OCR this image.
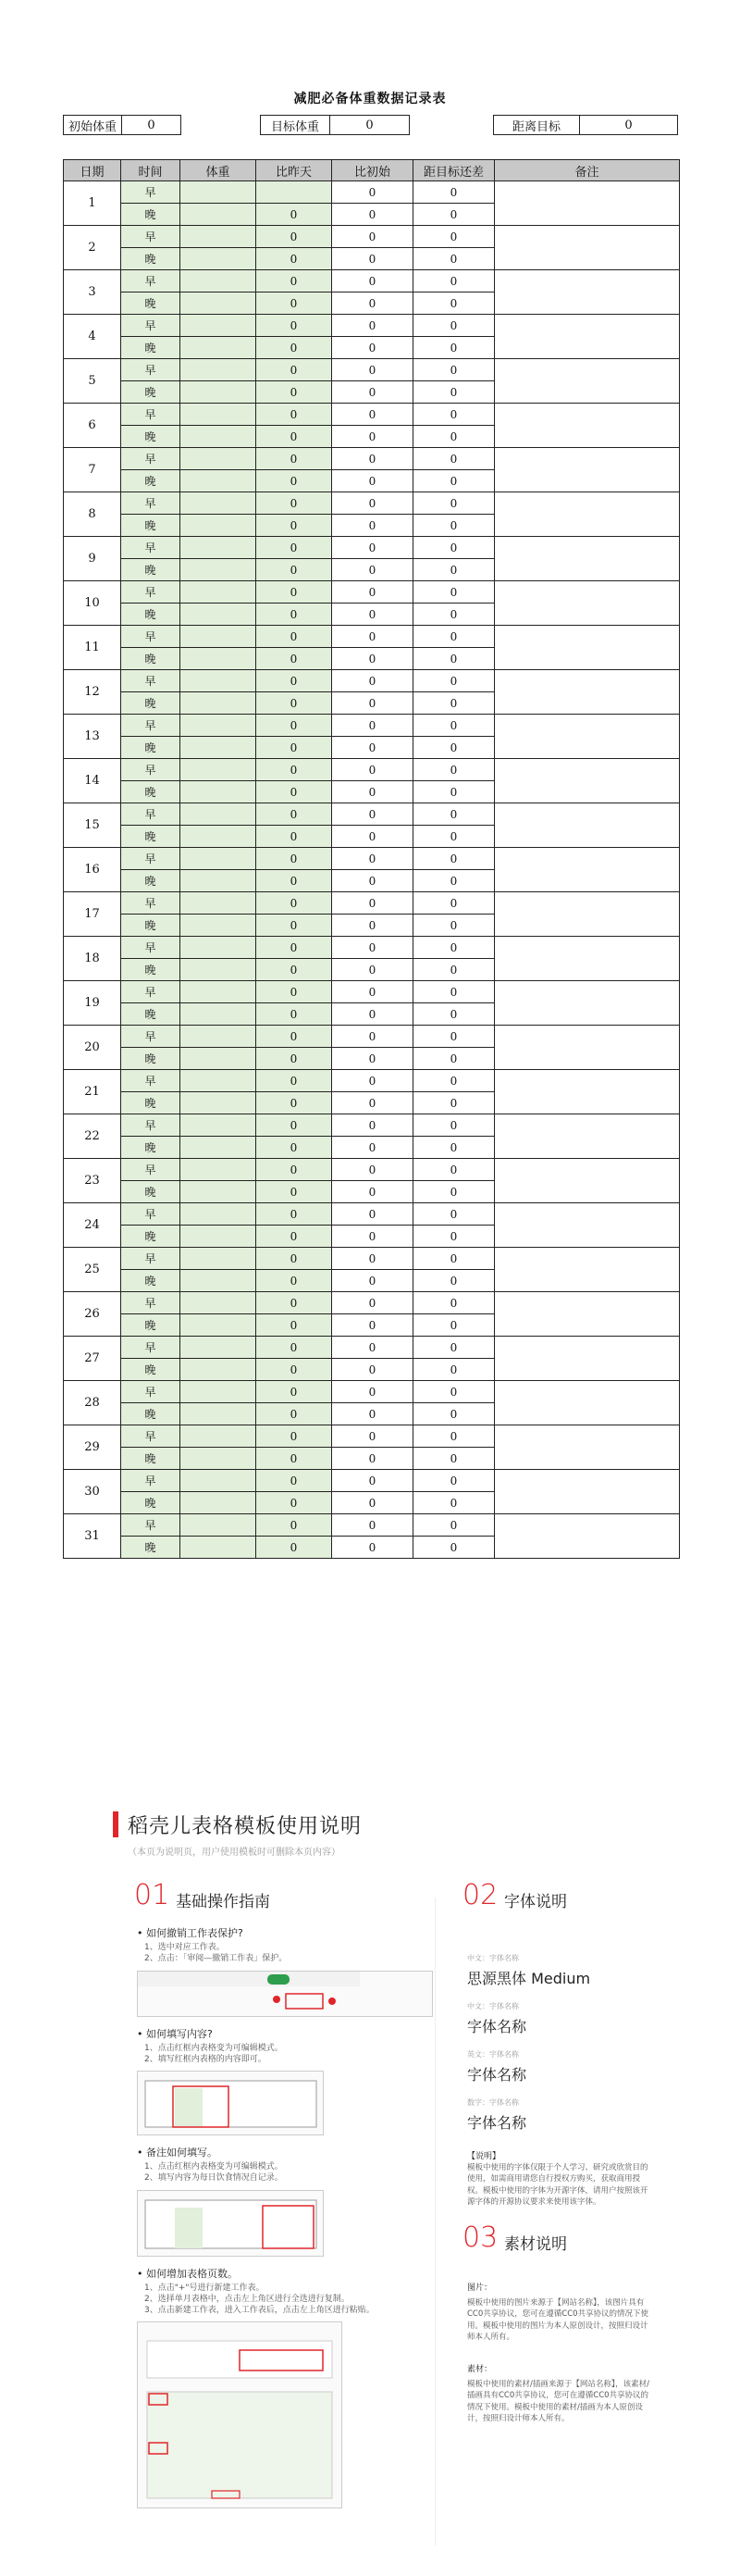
减肥必备体重数据记录表
初始体重	0	目标体重	0	距离目标	0
日期	时间	体重	比昨天	比初始	距目标还差	备注
1	早			0	0	
	晚		0	0	0	
2	早		0	0	0	
	晚		0	0	0	
3	早		0	0	0	
	晚		0	0	0	
4	早		0	0	0	
	晚		0	0	0	
5	早		0	0	0	
	晚		0	0	0	
6	早		0	0	0	
	晚		0	0	0	
7	早		0	0	0	
	晚		0	0	0	
8	早		0	0	0	
	晚		0	0	0	
9	早		0	0	0	
	晚		0	0	0	
10	早		0	0	0	
	晚		0	0	0	
11	早		0	0	0	
	晚		0	0	0	
12	早		0	0	0	
	晚		0	0	0	
13	早		0	0	0	
	晚		0	0	0	
14	早		0	0	0	
	晚		0	0	0	
15	早		0	0	0	
	晚		0	0	0	
16	早		0	0	0	
	晚		0	0	0	
17	早		0	0	0	
	晚		0	0	0	
18	早		0	0	0	
	晚		0	0	0	
19	早		0	0	0	
	晚		0	0	0	
20	早		0	0	0	
	晚		0	0	0	
21	早		0	0	0	
	晚		0	0	0	
22	早		0	0	0	
	晚		0	0	0	
23	早		0	0	0	
	晚		0	0	0	
24	早		0	0	0	
	晚		0	0	0	
25	早		0	0	0	
	晚		0	0	0	
26	早		0	0	0	
	晚		0	0	0	
27	早		0	0	0	
	晚		0	0	0	
28	早		0	0	0	
	晚		0	0	0	
29	早		0	0	0	
	晚		0	0	0	
30	早		0	0	0	
	晚		0	0	0	
31	早		0	0	0	
	晚		0	0	0	
稻壳儿表格模板使用说明
（本页为说明页，用户使用模板时可删除本页内容）
01 基础操作指南	02 字体说明
• 如何撤销工作表保护?
1、选中对应工作表。
2、点击：「审阅—撤销工作表」保护。
• 如何填写内容?
1、点击红框内表格变为可编辑模式。
2、填写红框内表格的内容即可。
• 备注如何填写。
1、点击红框内表格变为可编辑模式。
2、填写内容为每日饮食情况自记录。
• 如何增加表格页数。
1、点击"+"号进行新建工作表。
2、选择单月表格中，点击左上角区进行全选进行复制。
3、点击新建工作表，进入工作表后，点击左上角区进行粘贴。
中文：字体名称
思源黑体 Medium
中文：字体名称
字体名称
英文：字体名称
字体名称
数字：字体名称
字体名称
【说明】
模板中使用的字体仅限于个人学习、研究或欣赏目的使用，如需商用请您自行授权方购买，获取商用授权。模板中使用的字体为开源字体，请用户按照该开源字体的开源协议要求来使用该字体。
03 素材说明
图片：
模板中使用的图片来源于【网站名称】，该图片具有CC0共享协议，您可在遵循CC0共享协议的情况下使用。模板中使用的图片为本人原创设计，按照归设计师本人所有。
素材：
模板中使用的素材/插画来源于【网站名称】，该素材/插画具有CC0共享协议，您可在遵循CC0共享协议的情况下使用。模板中使用的素材/插画为本人原创设计，按照归设计师本人所有。
